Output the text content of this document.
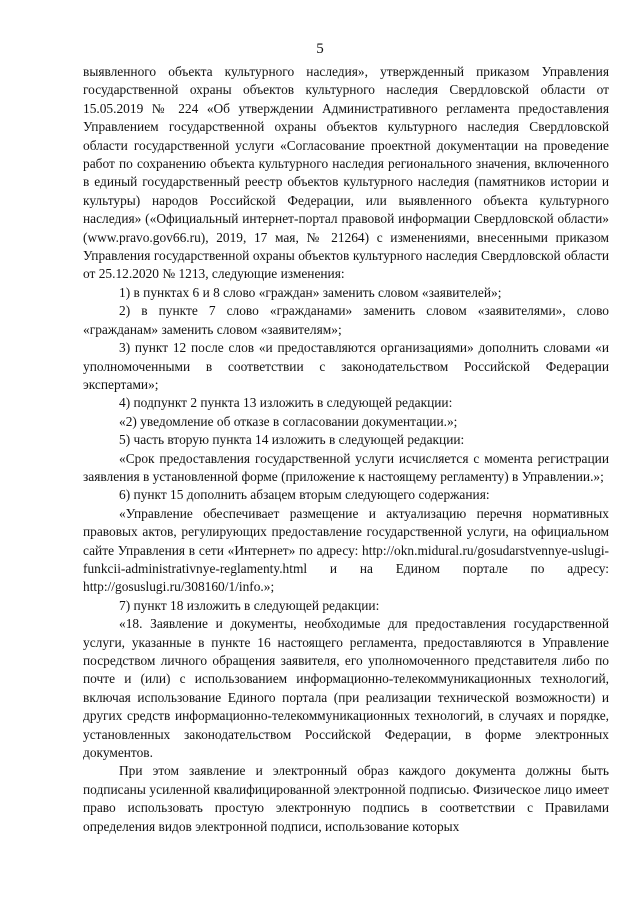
5

выявленного объекта культурного наследия», утвержденный приказом Управления государственной охраны объектов культурного наследия Свердловской области от 15.05.2019 № 224 «Об утверждении Административного регламента предоставления Управлением государственной охраны объектов культурного наследия Свердловской области государственной услуги «Согласование проектной документации на проведение работ по сохранению объекта культурного наследия регионального значения, включенного в единый государственный реестр объектов культурного наследия (памятников истории и культуры) народов Российской Федерации, или выявленного объекта культурного наследия» («Официальный интернет-портал правовой информации Свердловской области» (www.pravo.gov66.ru), 2019, 17 мая, № 21264) с изменениями, внесенными приказом Управления государственной охраны объектов культурного наследия Свердловской области от 25.12.2020 № 1213, следующие изменения:

1) в пунктах 6 и 8 слово «граждан» заменить словом «заявителей»;

2) в пункте 7 слово «гражданами» заменить словом «заявителями», слово «гражданам» заменить словом «заявителям»;

3) пункт 12 после слов «и предоставляются организациями» дополнить словами «и уполномоченными в соответствии с законодательством Российской Федерации экспертами»;

4) подпункт 2 пункта 13 изложить в следующей редакции:

«2) уведомление об отказе в согласовании документации.»;

5) часть вторую пункта 14 изложить в следующей редакции:

«Срок предоставления государственной услуги исчисляется с момента регистрации заявления в установленной форме (приложение к настоящему регламенту) в Управлении.»;

6) пункт 15 дополнить абзацем вторым следующего содержания:

«Управление обеспечивает размещение и актуализацию перечня нормативных правовых актов, регулирующих предоставление государственной услуги, на официальном сайте Управления в сети «Интернет» по адресу: http://okn.midural.ru/gosudarstvennye-uslugi-funkcii-administrativnye-reglamenty.html и на Едином портале по адресу: http://gosuslugi.ru/308160/1/info.»;

7) пункт 18 изложить в следующей редакции:

«18. Заявление и документы, необходимые для предоставления государственной услуги, указанные в пункте 16 настоящего регламента, предоставляются в Управление посредством личного обращения заявителя, его уполномоченного представителя либо по почте и (или) с использованием информационно-телекоммуникационных технологий, включая использование Единого портала (при реализации технической возможности) и других средств информационно-телекоммуникационных технологий, в случаях и порядке, установленных законодательством Российской Федерации, в форме электронных документов.

При этом заявление и электронный образ каждого документа должны быть подписаны усиленной квалифицированной электронной подписью. Физическое лицо имеет право использовать простую электронную подпись в соответствии с Правилами определения видов электронной подписи, использование которых
